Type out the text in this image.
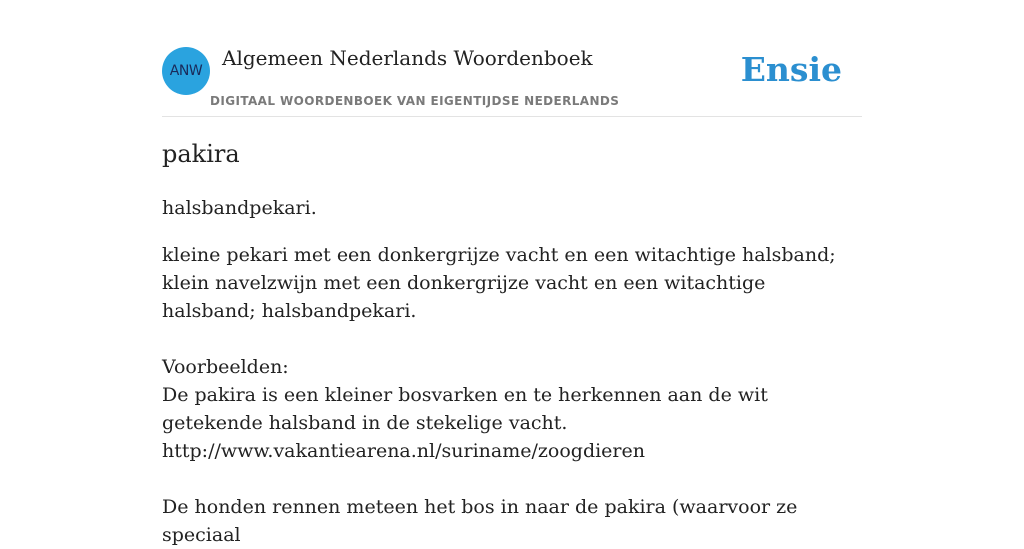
ANW
Algemeen Nederlands Woordenboek
DIGITAAL WOORDENBOEK VAN EIGENTIJDSE NEDERLANDS
Ensie
pakira

halsbandpekari.

kleine pekari met een donkergrijze vacht en een witachtige halsband; klein navelzwijn met een donkergrijze vacht en een witachtige halsband; halsbandpekari.

Voorbeelden:
De pakira is een kleiner bosvarken en te herkennen aan de wit getekende halsband in de stekelige vacht.
http://www.vakantiearena.nl/suriname/zoogdieren

De honden rennen meteen het bos in naar de pakira (waarvoor ze speciaal
